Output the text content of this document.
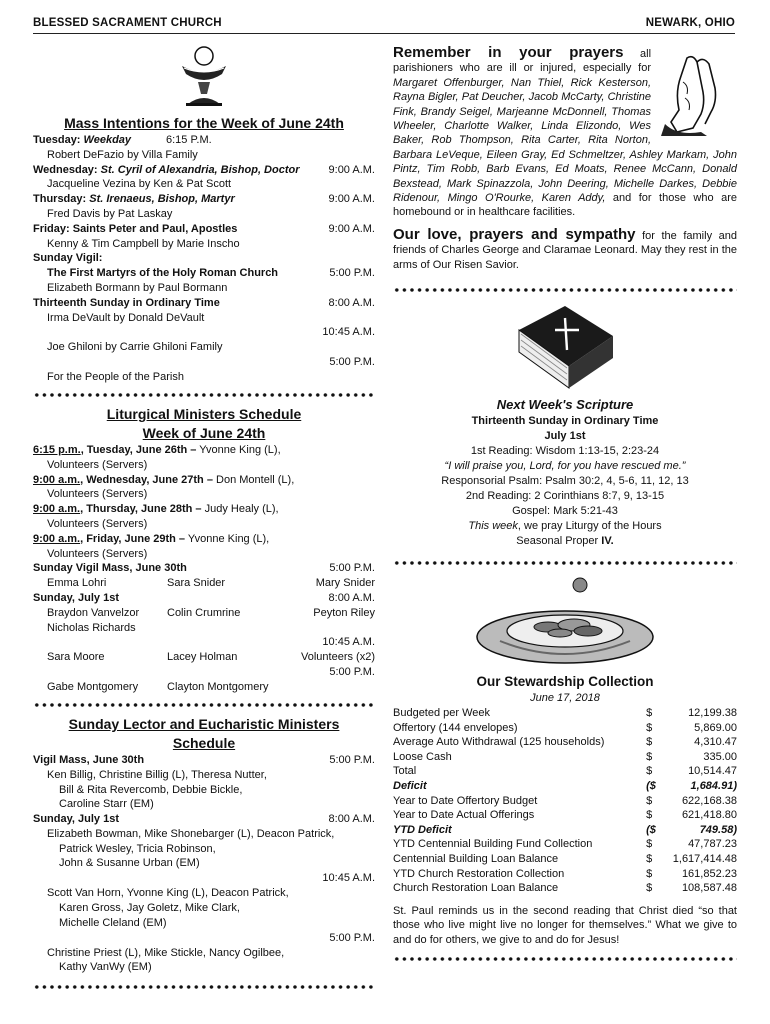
BLESSED SACRAMENT CHURCH	NEWARK, OHIO
Mass Intentions for the Week of June 24th
Tuesday: Weekday	6:15 P.M.
Robert DeFazio by Villa Family
Wednesday: St. Cyril of Alexandria, Bishop, Doctor	9:00 A.M.
Jacqueline Vezina by Ken & Pat Scott
Thursday: St. Irenaeus, Bishop, Martyr	9:00 A.M.
Fred Davis by Pat Laskay
Friday: Saints Peter and Paul, Apostles	9:00 A.M.
Kenny & Tim Campbell by Marie Inscho
Sunday Vigil:
The First Martyrs of the Holy Roman Church	5:00 P.M.
Elizabeth Bormann by Paul Bormann
Thirteenth Sunday in Ordinary Time	8:00 A.M.
Irma DeVault by Donald DeVault
10:45 A.M.
Joe Ghiloni by Carrie Ghiloni Family
5:00 P.M.
For the People of the Parish
Liturgical Ministers Schedule
Week of June 24th
6:15 p.m., Tuesday, June 26th – Yvonne King (L),
Volunteers (Servers)
9:00 a.m., Wednesday, June 27th – Don Montell (L),
Volunteers (Servers)
9:00 a.m., Thursday, June 28th – Judy Healy (L),
Volunteers (Servers)
9:00 a.m., Friday, June 29th – Yvonne King (L),
Volunteers (Servers)
Sunday Vigil Mass, June 30th	5:00 P.M.
Emma Lohri	Sara Snider	Mary Snider
Sunday, July 1st	8:00 A.M.
Braydon Vanvelzor	Colin Crumrine	Peyton Riley
Nicholas Richards
10:45 A.M.
Sara Moore	Lacey Holman	Volunteers (x2)
5:00 P.M.
Gabe Montgomery	Clayton Montgomery
Sunday Lector and Eucharistic Ministers
Schedule
Vigil Mass, June 30th	5:00 P.M.
Ken Billig, Christine Billig (L), Theresa Nutter,
Bill & Rita Revercomb, Debbie Bickle,
Caroline Starr (EM)
Sunday, July 1st	8:00 A.M.
Elizabeth Bowman, Mike Shonebarger (L), Deacon Patrick,
Patrick Wesley, Tricia Robinson,
John & Susanne Urban (EM)
10:45 A.M.
Scott Van Horn, Yvonne King (L), Deacon Patrick,
Karen Gross, Jay Goletz, Mike Clark,
Michelle Cleland (EM)
5:00 P.M.
Christine Priest (L), Mike Stickle, Nancy Ogilbee,
Kathy VanWy (EM)
Remember in your prayers all parishioners who are ill or injured, especially for Margaret Offenburger, Nan Thiel, Rick Kesterson, Rayna Bigler, Pat Deucher, Jacob McCarty, Christine Fink, Brandy Seigel, Marjeanne McDonnell, Thomas Wheeler, Charlotte Walker, Linda Elizondo, Wes Baker, Rob Thompson, Rita Carter, Rita Norton, Barbara LeVeque, Eileen Gray, Ed Schmeltzer, Ashley Markam, John Pintz, Tim Robb, Barb Evans, Ed Moats, Renee McCann, Donald Bexstead, Mark Spinazzola, John Deering, Michelle Darkes, Debbie Ridenour, Mingo O'Rourke, Karen Addy, and for those who are homebound or in healthcare facilities.
Our love, prayers and sympathy for the family and friends of Charles George and Claramae Leonard. May they rest in the arms of Our Risen Savior.
Next Week's Scripture
Thirteenth Sunday in Ordinary Time
July 1st
1st Reading: Wisdom 1:13-15, 2:23-24
“I will praise you, Lord, for you have rescued me.”
Responsorial Psalm: Psalm 30:2, 4, 5-6, 11, 12, 13
2nd Reading: 2 Corinthians 8:7, 9, 13-15
Gospel: Mark 5:21-43
This week, we pray Liturgy of the Hours
Seasonal Proper IV.
Our Stewardship Collection
June 17, 2018
Budgeted per Week	$	12,199.38
Offertory (144 envelopes)	$	5,869.00
Average Auto Withdrawal (125 households)	$	4,310.47
Loose Cash	$	335.00
Total	$	10,514.47
Deficit	($	1,684.91)
Year to Date Offertory Budget	$	622,168.38
Year to Date Actual Offerings	$	621,418.80
YTD Deficit	($	749.58)
YTD Centennial Building Fund Collection	$	47,787.23
Centennial Building Loan Balance	$	1,617,414.48
YTD Church Restoration Collection	$	161,852.23
Church Restoration Loan Balance	$	108,587.48
St. Paul reminds us in the second reading that Christ died “so that those who live might live no longer for themselves.” What we give to and do for others, we give to and do for Jesus!
